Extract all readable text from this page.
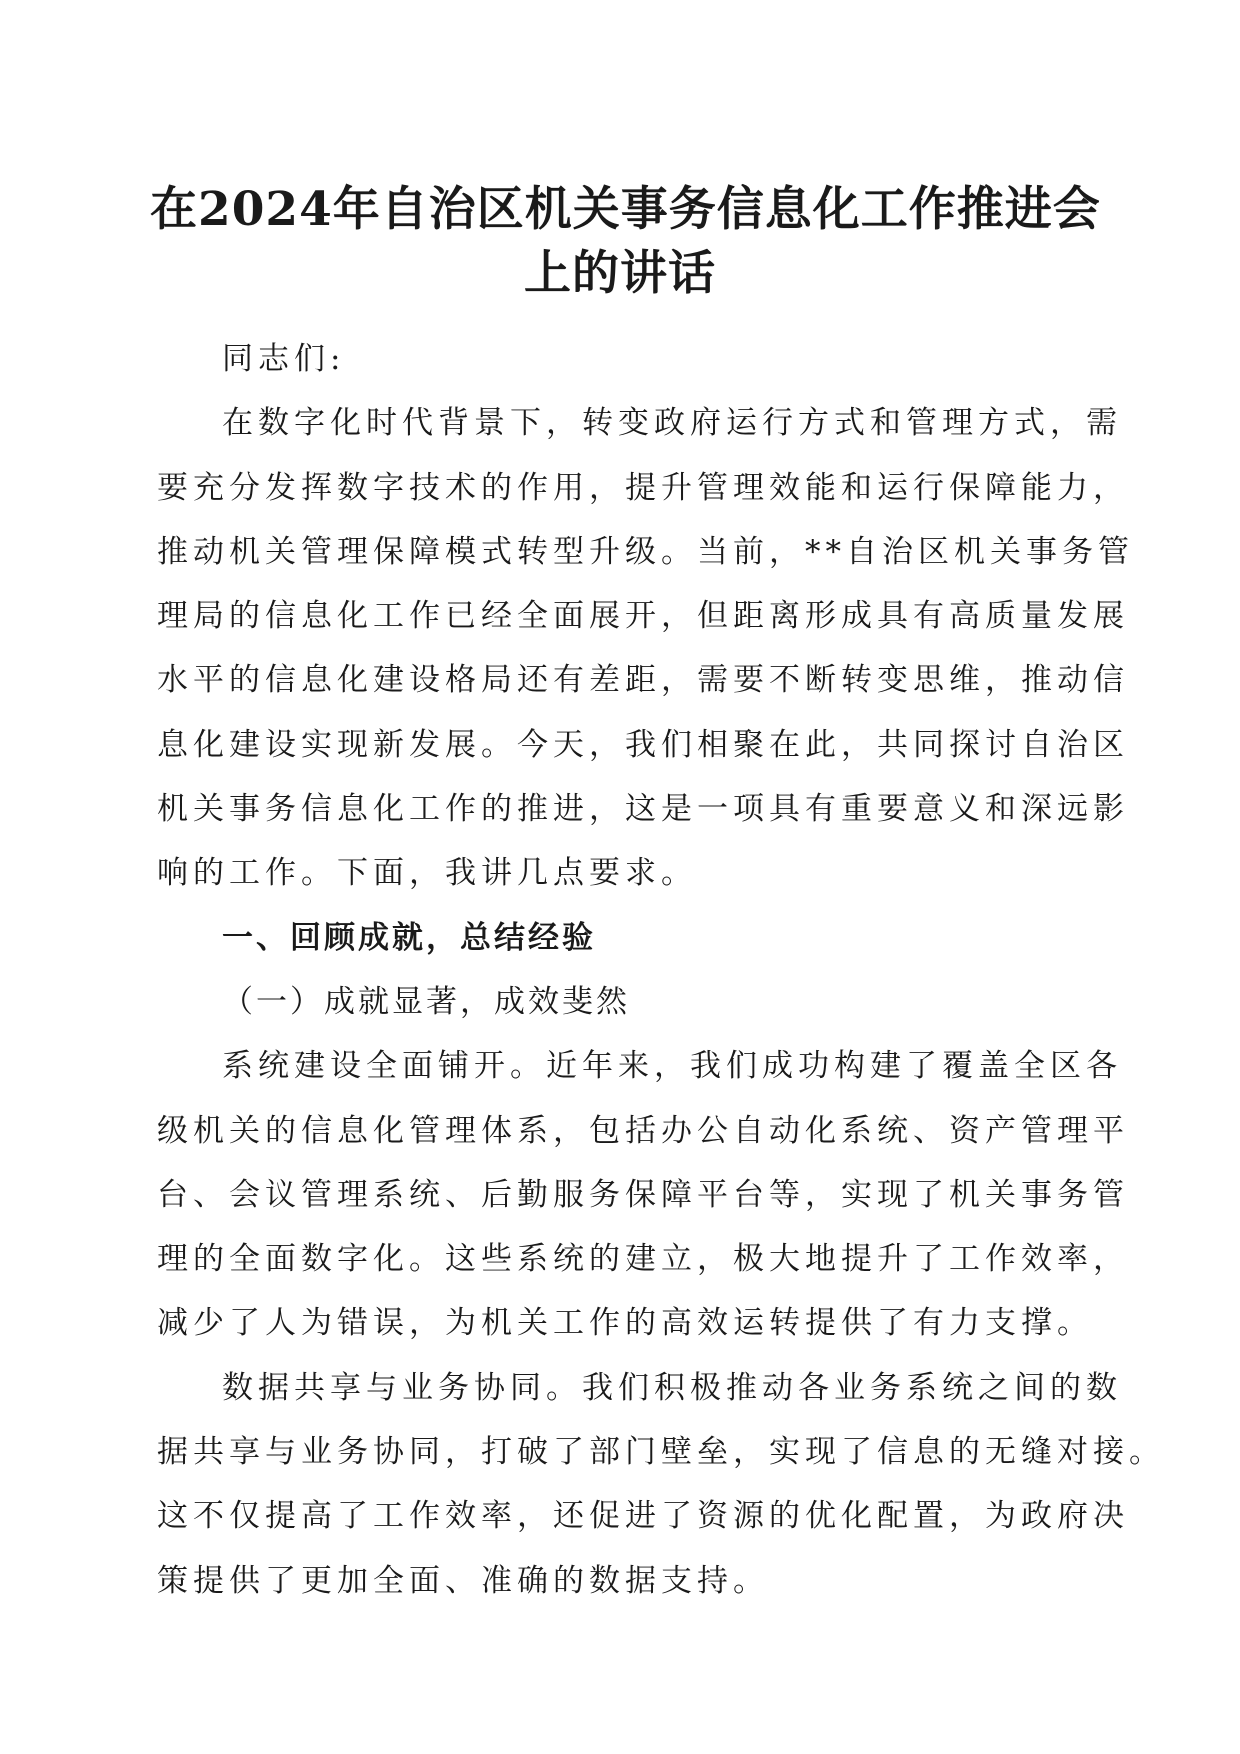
在2024年自治区机关事务信息化工作推进会
上的讲话
同志们:
在数字化时代背景下，转变政府运行方式和管理方式，需
要充分发挥数字技术的作用，提升管理效能和运行保障能力，
推动机关管理保障模式转型升级。当前，**自治区机关事务管
理局的信息化工作已经全面展开，但距离形成具有高质量发展
水平的信息化建设格局还有差距，需要不断转变思维，推动信
息化建设实现新发展。今天，我们相聚在此，共同探讨自治区
机关事务信息化工作的推进，这是一项具有重要意义和深远影
响的工作。下面，我讲几点要求。
一、回顾成就，总结经验
（一）成就显著，成效斐然
系统建设全面铺开。近年来，我们成功构建了覆盖全区各
级机关的信息化管理体系，包括办公自动化系统、资产管理平
台、会议管理系统、后勤服务保障平台等，实现了机关事务管
理的全面数字化。这些系统的建立，极大地提升了工作效率，
减少了人为错误，为机关工作的高效运转提供了有力支撑。
数据共享与业务协同。我们积极推动各业务系统之间的数
据共享与业务协同，打破了部门壁垒，实现了信息的无缝对接。
这不仅提高了工作效率，还促进了资源的优化配置，为政府决
策提供了更加全面、准确的数据支持。
